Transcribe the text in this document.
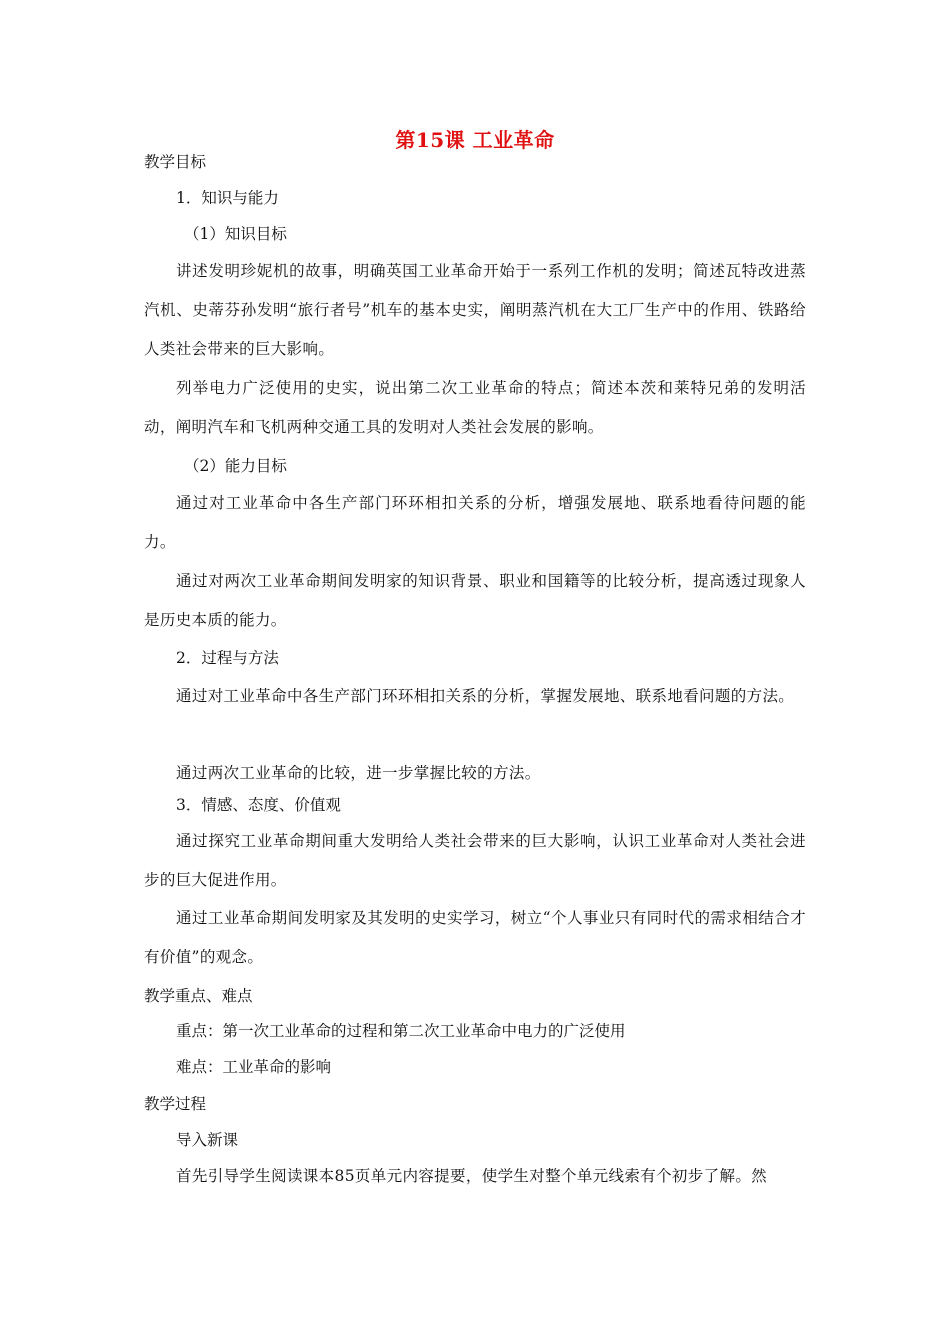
第15课 工业革命
教学目标
1．知识与能力
（1）知识目标
讲述发明珍妮机的故事，明确英国工业革命开始于一系列工作机的发明；简述瓦特改进蒸汽机、史蒂芬孙发明“旅行者号”机车的基本史实，阐明蒸汽机在大工厂生产中的作用、铁路给人类社会带来的巨大影响。
列举电力广泛使用的史实，说出第二次工业革命的特点；简述本茨和莱特兄弟的发明活动，阐明汽车和飞机两种交通工具的发明对人类社会发展的影响。
（2）能力目标
通过对工业革命中各生产部门环环相扣关系的分析，增强发展地、联系地看待问题的能力。
通过对两次工业革命期间发明家的知识背景、职业和国籍等的比较分析，提高透过现象人是历史本质的能力。
2．过程与方法
通过对工业革命中各生产部门环环相扣关系的分析，掌握发展地、联系地看问题的方法。
通过两次工业革命的比较，进一步掌握比较的方法。
3．情感、态度、价值观
通过探究工业革命期间重大发明给人类社会带来的巨大影响，认识工业革命对人类社会进步的巨大促进作用。
通过工业革命期间发明家及其发明的史实学习，树立“个人事业只有同时代的需求相结合才有价值”的观念。
教学重点、难点
重点：第一次工业革命的过程和第二次工业革命中电力的广泛使用
难点：工业革命的影响
教学过程
导入新课
首先引导学生阅读课本85页单元内容提要，使学生对整个单元线索有个初步了解。然
